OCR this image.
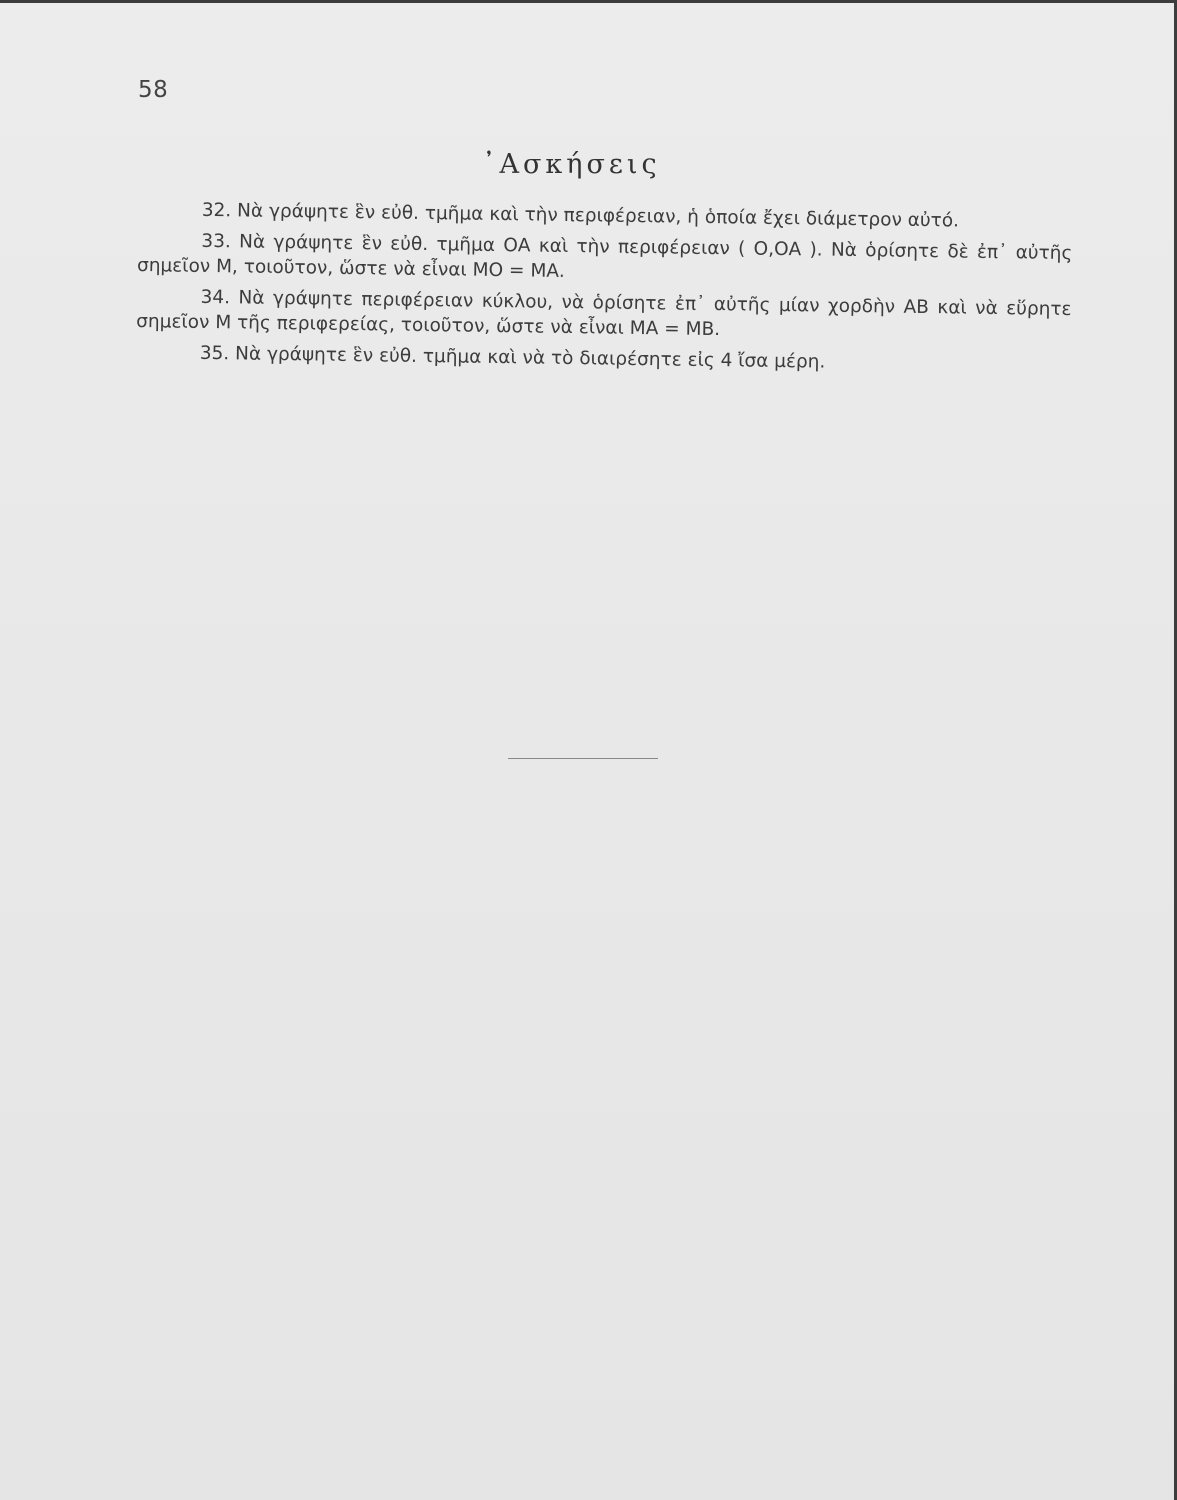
58
᾿Ασκήσεις

32. Νὰ γράψητε ἓν εὐθ. τμῆμα καὶ τὴν περιφέρειαν, ἡ ὁποία ἔχει διάμετρον αὐτό.

33. Νὰ γράψητε ἓν εὐθ. τμῆμα ΟΑ καὶ τὴν περιφέρειαν ( Ο,ΟΑ ). Νὰ ὁρίσητε δὲ ἐπ᾿ αὐτῆς σημεῖον Μ, τοιοῦτον, ὥστε νὰ εἶναι ΜΟ = ΜΑ.

34. Νὰ γράψητε περιφέρειαν κύκλου, νὰ ὁρίσητε ἐπ᾿ αὐτῆς μίαν χορδὴν ΑΒ καὶ νὰ εὕρητε σημεῖον Μ τῆς περιφερείας, τοιοῦτον, ὥστε νὰ εἶναι ΜΑ = ΜΒ.

35. Νὰ γράψητε ἓν εὐθ. τμῆμα καὶ νὰ τὸ διαιρέσητε εἰς 4 ἴσα μέρη.
